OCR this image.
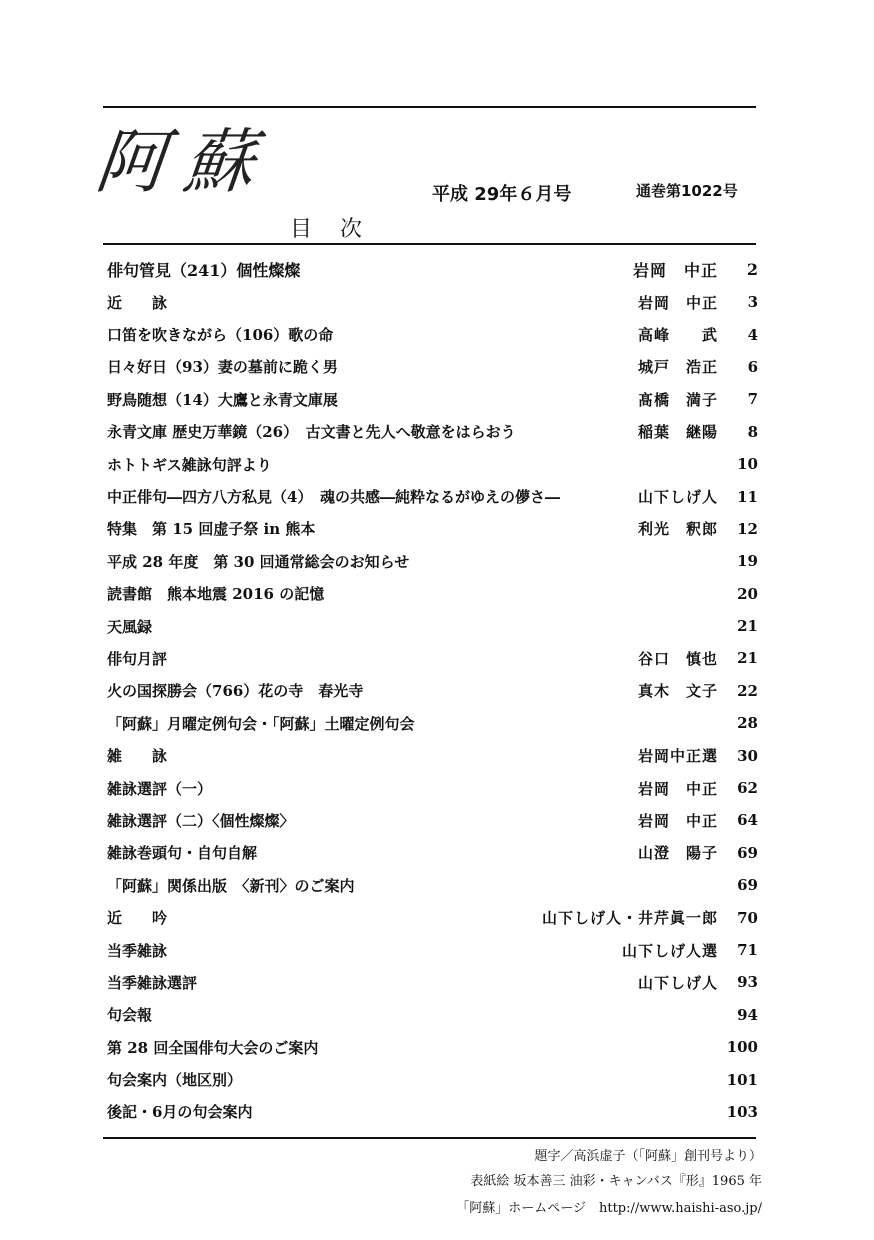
阿蘇
目次
平成 29年６月号	通巻第1022号
俳句管見（241）個性燦燦	岩岡　中正	2
近　　詠	岩岡　中正	3
口笛を吹きながら（106）歌の命	高峰　　武	4
日々好日（93）妻の墓前に跪く男	城戸　浩正	6
野鳥随想（14）大鷹と永青文庫展	髙橋　満子	7
永青文庫 歴史万華鏡（26）　古文書と先人へ敬意をはらおう	稲葉　継陽	8
ホトトギス雑詠句評より	10
中正俳句―四方八方私見（4）　魂の共感―純粋なるがゆえの儚さ―	山下しげ人	11
特集　第 15 回虚子祭 in 熊本	利光　釈郎	12
平成 28 年度　第 30 回通常総会のお知らせ	19
読書館　熊本地震 2016 の記憶	20
天風録	21
俳句月評	谷口　慎也	21
火の国探勝会（766）花の寺　春光寺	真木　文子	22
「阿蘇」月曜定例句会・「阿蘇」土曜定例句会	28
雑　　詠	岩岡中正選	30
雑詠選評（一）	岩岡　中正	62
雑詠選評（二）〈個性燦燦〉	岩岡　中正	64
雑詠巻頭句・自句自解	山澄　陽子	69
「阿蘇」関係出版　〈新刊〉のご案内	69
近　　吟	山下しげ人・井芹眞一郎	70
当季雑詠	山下しげ人選	71
当季雑詠選評	山下しげ人	93
句会報	94
第 28 回全国俳句大会のご案内	100
句会案内（地区別）	101
後記・6月の句会案内	103
題字／高浜虚子（「阿蘇」創刊号より）
表紙絵 坂本善三 油彩・キャンバス『形』1965 年
「阿蘇」ホームページ　http://www.haishi-aso.jp/
